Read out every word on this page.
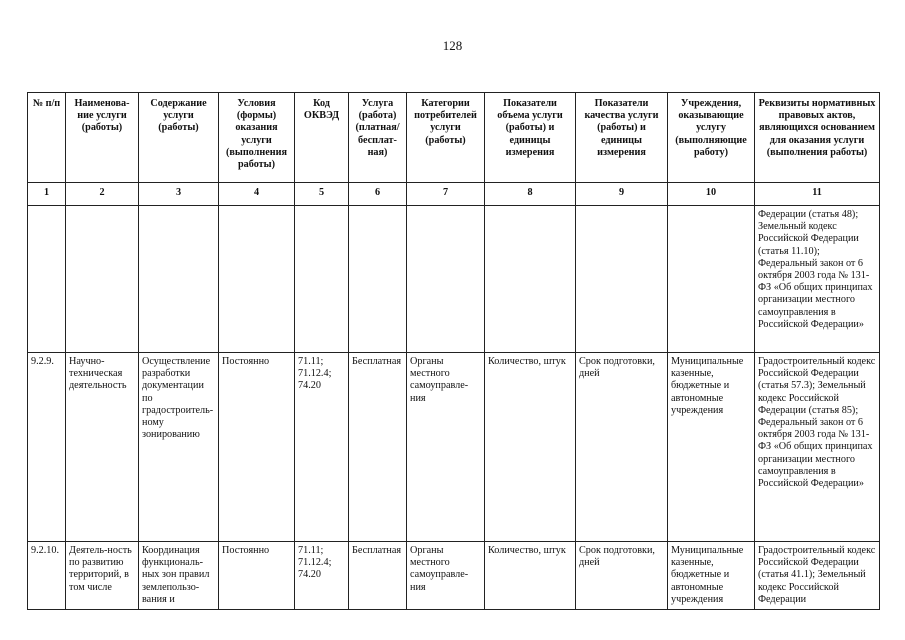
128
№ п/п	Наименова-ние услуги (работы)	Содержание услуги (работы)	Условия (формы) оказания услуги (выполнения работы)	Код ОКВЭД	Услуга (работа) (платная/ бесплат-ная)	Категории потребителей услуги (работы)	Показатели объема услуги (работы) и единицы измерения	Показатели качества услуги (работы) и единицы измерения	Учреждения, оказывающие услугу (выполняющие работу)	Реквизиты нормативных правовых актов, являющихся основанием для оказания услуги (выполнения работы)
1	2	3	4	5	6	7	8	9	10	11
										Федерации (статья 48); Земельный кодекс Российской Федерации (статья 11.10); Федеральный закон от 6 октября 2003 года № 131-ФЗ «Об общих принципах организации местного самоуправления в Российской Федерации»
9.2.9.	Научно-техническая деятельность	Осуществление разработки документации по градостроитель-ному зонированию	Постоянно	71.11; 71.12.4; 74.20	Бесплатная	Органы местного самоуправле-ния	Количество, штук	Срок подготовки, дней	Муниципальные казенные, бюджетные и автономные учреждения	Градостроительный кодекс Российской Федерации (статья 57.3); Земельный кодекс Российской Федерации (статья 85); Федеральный закон от 6 октября 2003 года № 131-ФЗ «Об общих принципах организации местного самоуправления в Российской Федерации»
9.2.10.	Деятель-ность по развитию территорий, в том числе	Координация функциональ-ных зон правил землепользо-вания и	Постоянно	71.11; 71.12.4; 74.20	Бесплатная	Органы местного самоуправле-ния	Количество, штук	Срок подготовки, дней	Муниципальные казенные, бюджетные и автономные учреждения	Градостроительный кодекс Российской Федерации (статья 41.1); Земельный кодекс Российской Федерации
